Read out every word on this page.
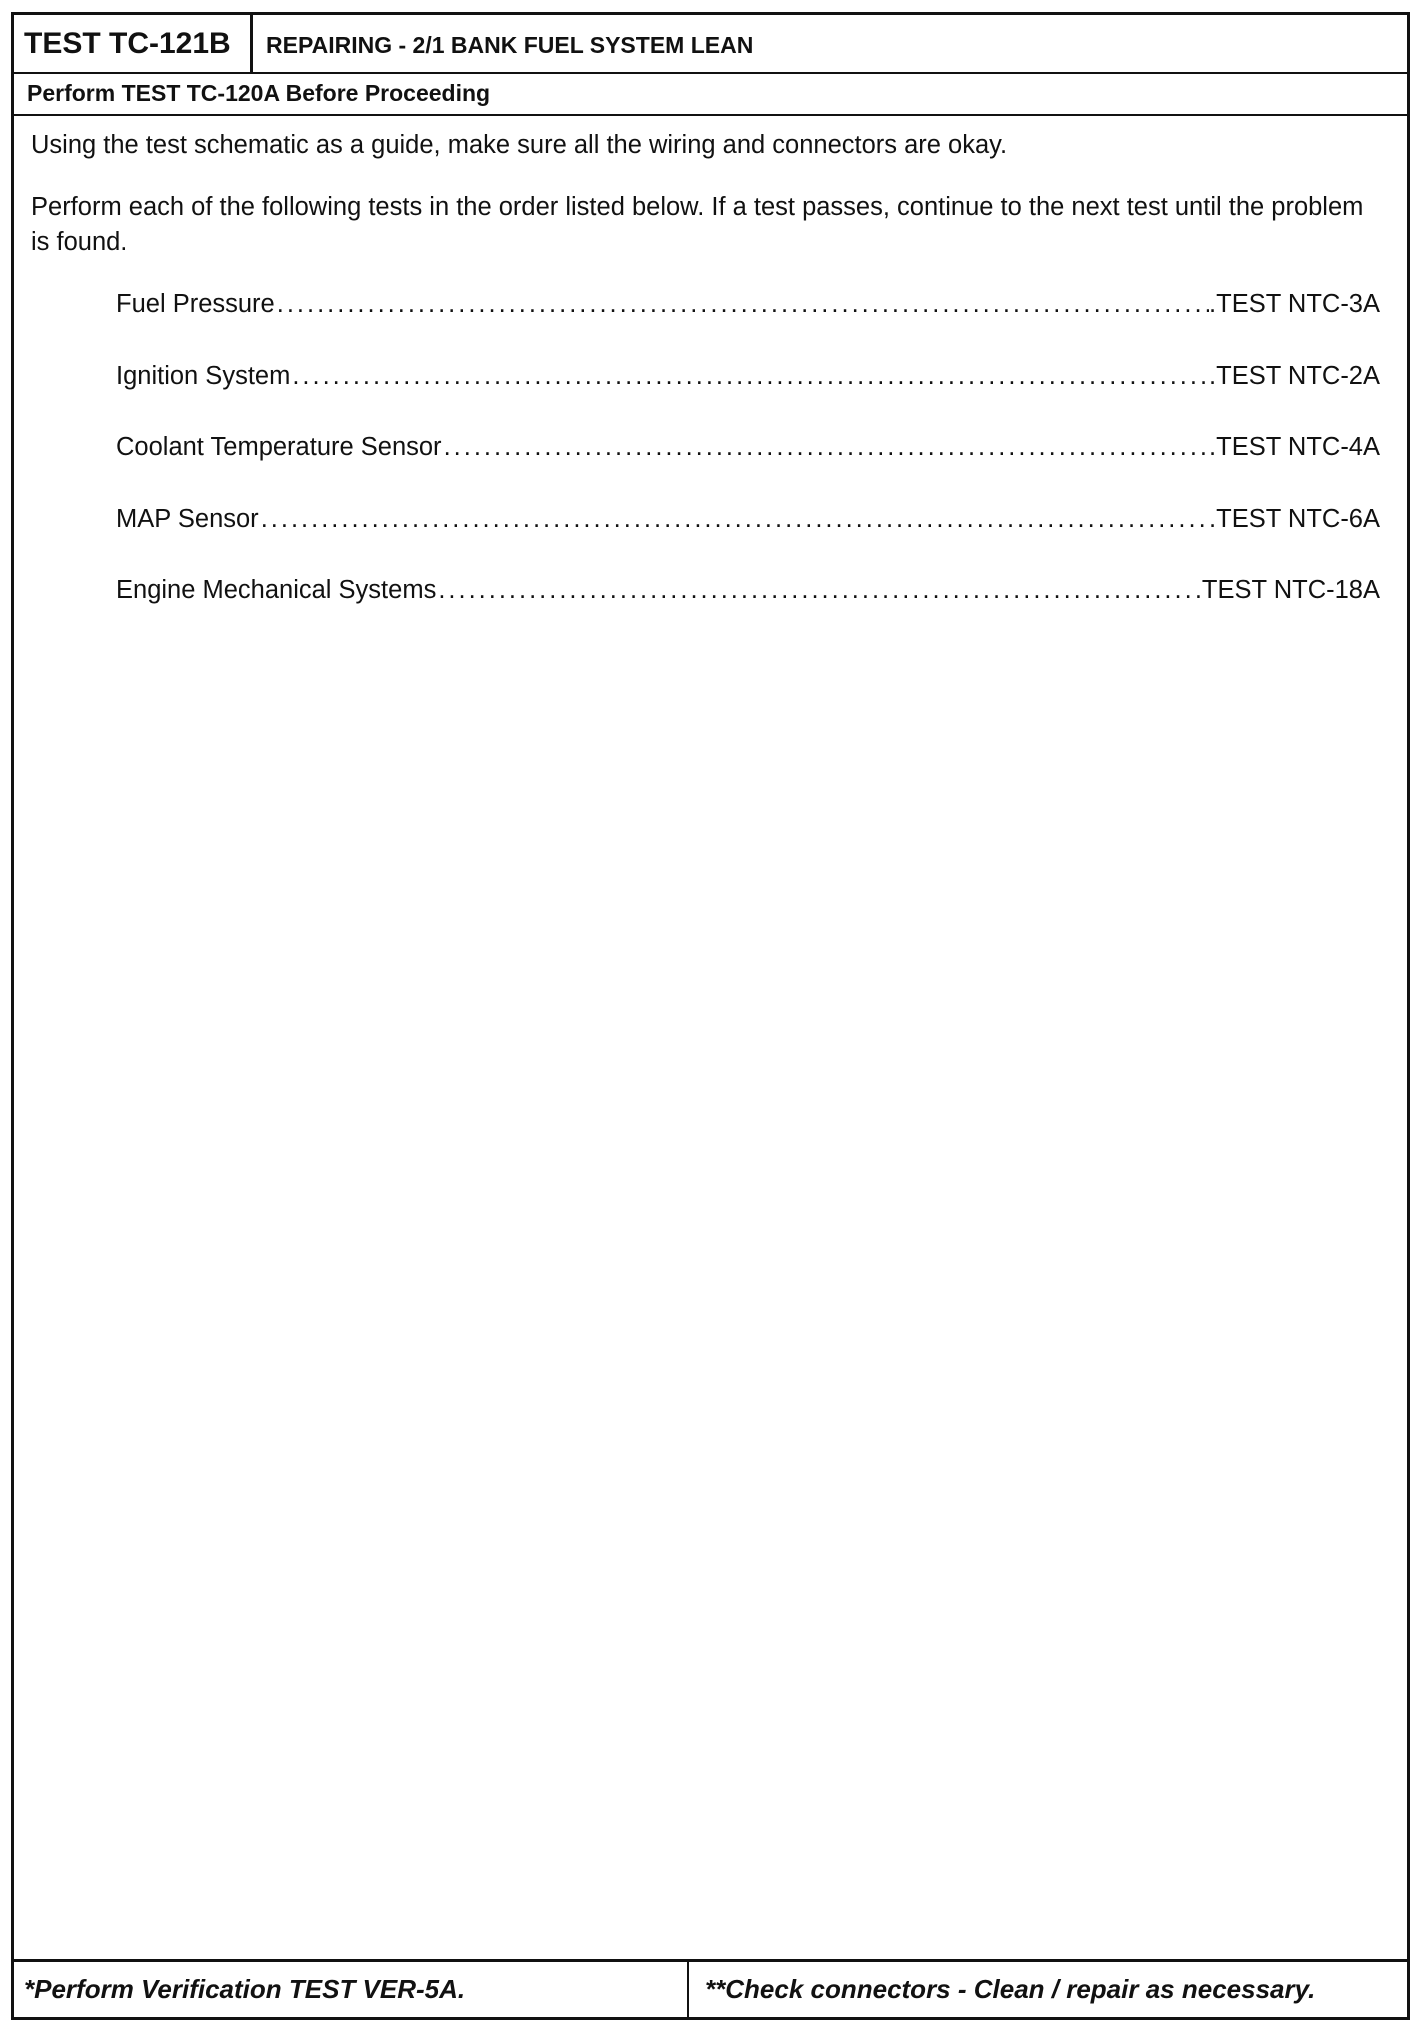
TEST TC-121B	REPAIRING - 2/1 BANK FUEL SYSTEM LEAN
Perform TEST TC-120A Before Proceeding
Using the test schematic as a guide, make sure all the wiring and connectors are okay.
Perform each of the following tests in the order listed below. If a test passes, continue to the next test until the problem is found.
Fuel Pressure .....	.TEST NTC-3A
Ignition System .....	.TEST NTC-2A
Coolant Temperature Sensor .....	.TEST NTC-4A
MAP Sensor .....	.TEST NTC-6A
Engine Mechanical Systems .....	.TEST NTC-18A
*Perform Verification TEST VER-5A.	**Check connectors - Clean / repair as necessary.
